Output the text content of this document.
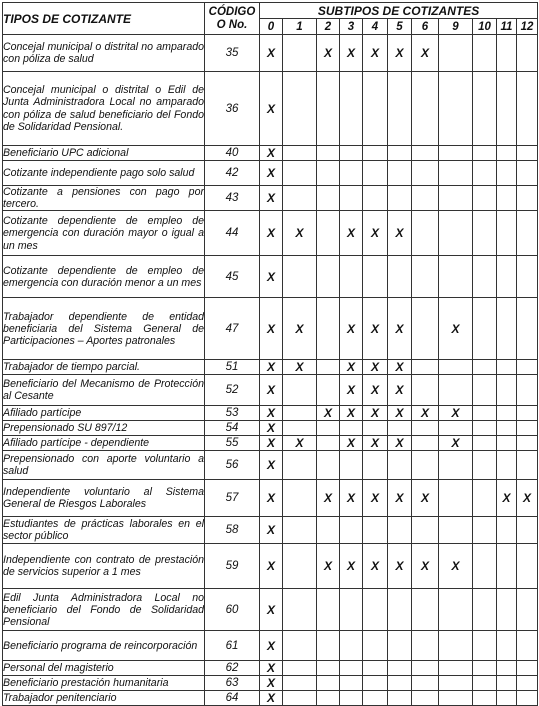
TIPOS DE COTIZANTE	CÓDIGO
O No.	SUBTIPOS DE COTIZANTES										
		0	1	2	3	4	5	6	9	10	11	12
Concejal municipal o distrital no amparado con póliza de salud	35	X		X	X	X	X	X				
Concejal municipal o distrital o Edil de Junta Administradora Local no amparado con póliza de salud beneficiario del Fondo de Solidaridad Pensional.	36	X										
Beneficiario UPC adicional	40	X										
Cotizante independiente pago solo salud	42	X										
Cotizante a pensiones con pago por tercero.	43	X										
Cotizante dependiente de empleo de emergencia con duración mayor o igual a un mes	44	X	X		X	X	X					
Cotizante dependiente de empleo de emergencia con duración menor a un mes	45	X										
Trabajador dependiente de entidad beneficiaria del Sistema General de Participaciones – Aportes patronales	47	X	X		X	X	X		X			
Trabajador de tiempo parcial.	51	X	X		X	X	X					
Beneficiario del Mecanismo de Protección al Cesante	52	X			X	X	X					
Afiliado partícipe	53	X		X	X	X	X	X	X			
Prepensionado SU 897/12	54	X										
Afiliado partícipe - dependiente	55	X	X		X	X	X		X			
Prepensionado con aporte voluntario a salud	56	X										
Independiente voluntario al Sistema General de Riesgos Laborales	57	X		X	X	X	X	X			X	X
Estudiantes de prácticas laborales en el sector público	58	X										
Independiente con contrato de prestación de servicios superior a 1 mes	59	X		X	X	X	X	X	X			
Edil Junta Administradora Local no beneficiario del Fondo de Solidaridad Pensional	60	X										
Beneficiario programa de reincorporación	61	X										
Personal del magisterio	62	X										
Beneficiario prestación humanitaria	63	X										
Trabajador penitenciario	64	X										
